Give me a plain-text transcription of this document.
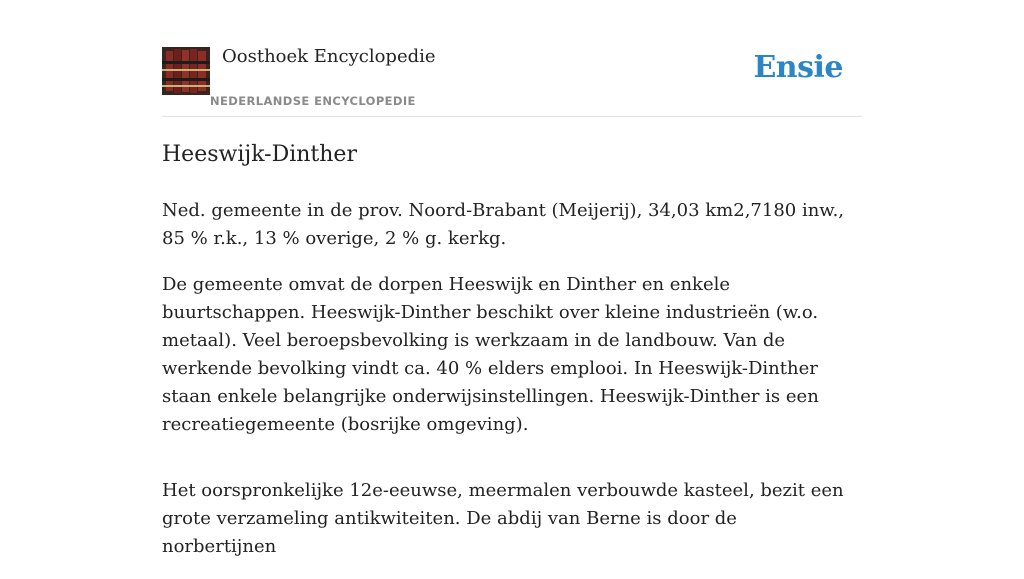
Oosthoek Encyclopedie
NEDERLANDSE ENCYCLOPEDIE
Ensie
Heeswijk-Dinther

Ned. gemeente in de prov. Noord-Brabant (Meijerij), 34,03 km2,7180 inw., 85 % r.k., 13 % overige, 2 % g. kerkg.

De gemeente omvat de dorpen Heeswijk en Dinther en enkele buurtschappen. Heeswijk-Dinther beschikt over kleine industrieën (w.o. metaal). Veel beroepsbevolking is werkzaam in de landbouw. Van de werkende bevolking vindt ca. 40 % elders emplooi. In Heeswijk-Dinther staan enkele belangrijke onderwijsinstellingen. Heeswijk-Dinther is een recreatiegemeente (bosrijke omgeving).

Het oorspronkelijke 12e-eeuwse, meermalen verbouwde kasteel, bezit een grote verzameling antikwiteiten. De abdij van Berne is door de norbertijnen
